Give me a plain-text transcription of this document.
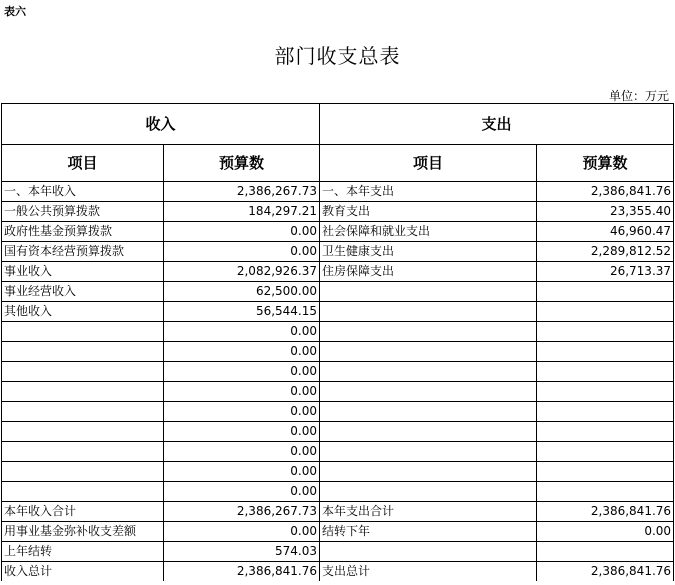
表六
部门收支总表
单位：万元
收入		支出	
项目	预算数	项目	预算数
一、本年收入	2,386,267.73	一、本年支出	2,386,841.76
一般公共预算拨款	184,297.21	教育支出	23,355.40
政府性基金预算拨款	0.00	社会保障和就业支出	46,960.47
国有资本经营预算拨款	0.00	卫生健康支出	2,289,812.52
事业收入	2,082,926.37	住房保障支出	26,713.37
事业经营收入	62,500.00		
其他收入	56,544.15		
	0.00		
	0.00		
	0.00		
	0.00		
	0.00		
	0.00		
	0.00		
	0.00		
	0.00		
本年收入合计	2,386,267.73	本年支出合计	2,386,841.76
用事业基金弥补收支差额	0.00	结转下年	0.00
上年结转	574.03		
收入总计	2,386,841.76	支出总计	2,386,841.76
